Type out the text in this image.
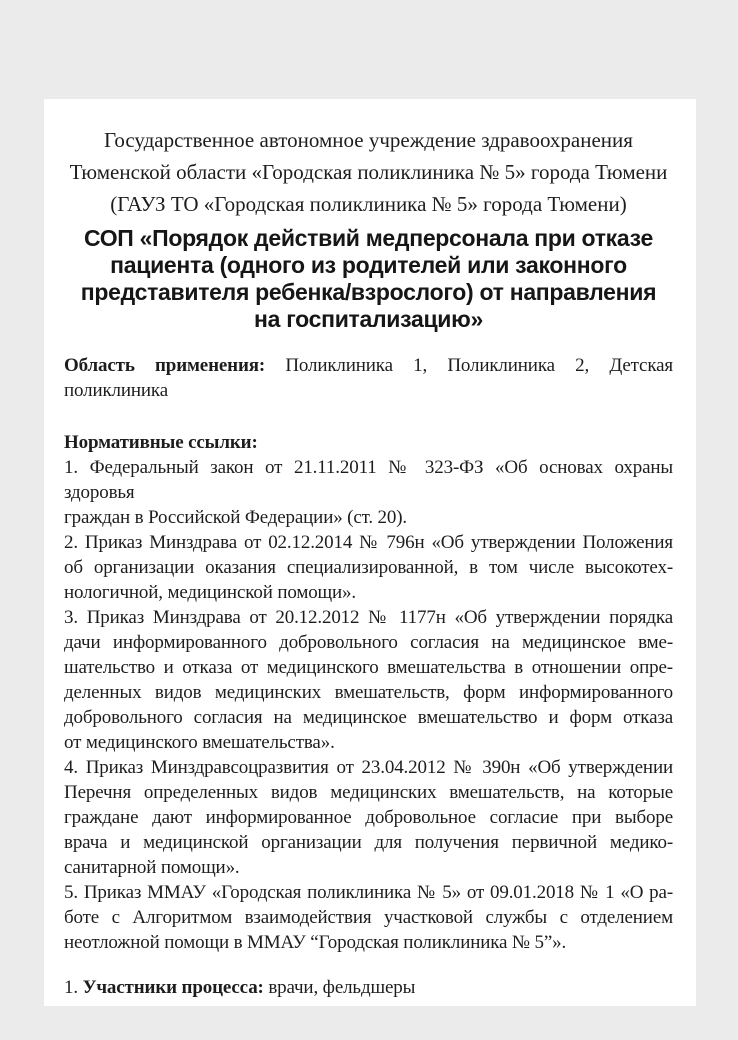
Государственное автономное учреждение здравоохранения
Тюменской области «Городская поликлиника № 5» города Тюмени
(ГАУЗ ТО «Городская поликлиника № 5» города Тюмени)
СОП «Порядок действий медперсонала при отказе
пациента (одного из родителей или законного
представителя ребенка/взрослого) от направления
на госпитализацию»
Область применения: Поликлиника 1, Поликлиника 2, Детская
поликлиника
Нормативные ссылки:
1. Федеральный закон от 21.11.2011 № 323-ФЗ «Об основах охраны здоровья
граждан в Российской Федерации» (ст. 20).
2. Приказ Минздрава от 02.12.2014 № 796н «Об утверждении Положения
об организации оказания специализированной, в том числе высокотех-
нологичной, медицинской помощи».
3. Приказ Минздрава от 20.12.2012 № 1177н «Об утверждении порядка
дачи информированного добровольного согласия на медицинское вме-
шательство и отказа от медицинского вмешательства в отношении опре-
деленных видов медицинских вмешательств, форм информированного
добровольного согласия на медицинское вмешательство и форм отказа
от медицинского вмешательства».
4. Приказ Минздравсоцразвития от 23.04.2012 № 390н «Об утверждении
Перечня определенных видов медицинских вмешательств, на которые
граждане дают информированное добровольное согласие при выборе
врача и медицинской организации для получения первичной медико-
санитарной помощи».
5. Приказ ММАУ «Городская поликлиника № 5» от 09.01.2018 № 1 «О ра-
боте с Алгоритмом взаимодействия участковой службы с отделением
неотложной помощи в ММАУ “Городская поликлиника № 5”».
1. Участники процесса: врачи, фельдшеры
